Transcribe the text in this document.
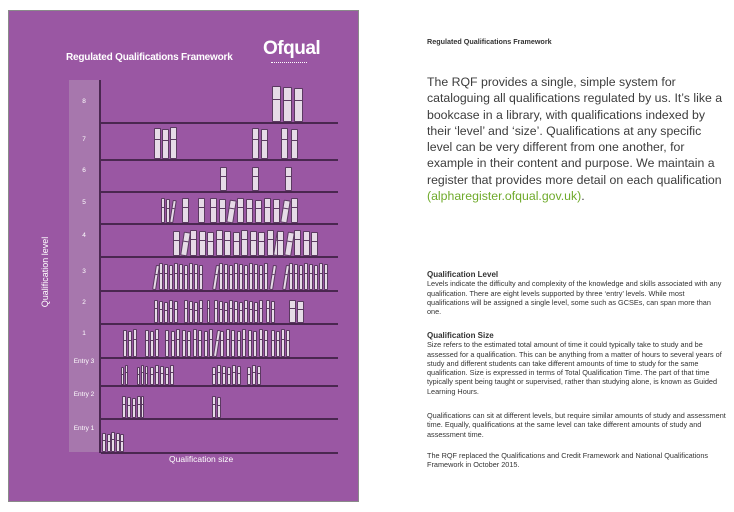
Regulated Qualifications Framework Ofqual
8
7
6
5
4
3
2
1
Entry 3
Entry 2
Entry 1
Qualification level
Qualification size
Regulated Qualifications Framework
The RQF provides a single, simple system for cataloguing all qualifications regulated by us. It’s like a bookcase in a library, with qualifications indexed by their ‘level’ and ‘size’. Qualifications at any specific level can be very different from one another, for example in their content and purpose. We maintain a register that provides more detail on each qualification (alpharegister.ofqual.gov.uk).
Qualification Level
Levels indicate the difficulty and complexity of the knowledge and skills associated with any qualification. There are eight levels supported by three ‘entry’ levels. While most qualifications will be assigned a single level, some such as GCSEs, can span more than one.
Qualification Size
Size refers to the estimated total amount of time it could typically take to study and be assessed for a qualification. This can be anything from a matter of hours to several years of study and different students can take different amounts of time to study for the same qualification. Size is expressed in terms of Total Qualification Time. The part of that time typically spent being taught or supervised, rather than studying alone, is known as Guided Learning Hours.
Qualifications can sit at different levels, but require similar amounts of study and assessment time. Equally, qualifications at the same level can take different amounts of study and assessment time.
The RQF replaced the Qualifications and Credit Framework and National Qualifications Framework in October 2015.
